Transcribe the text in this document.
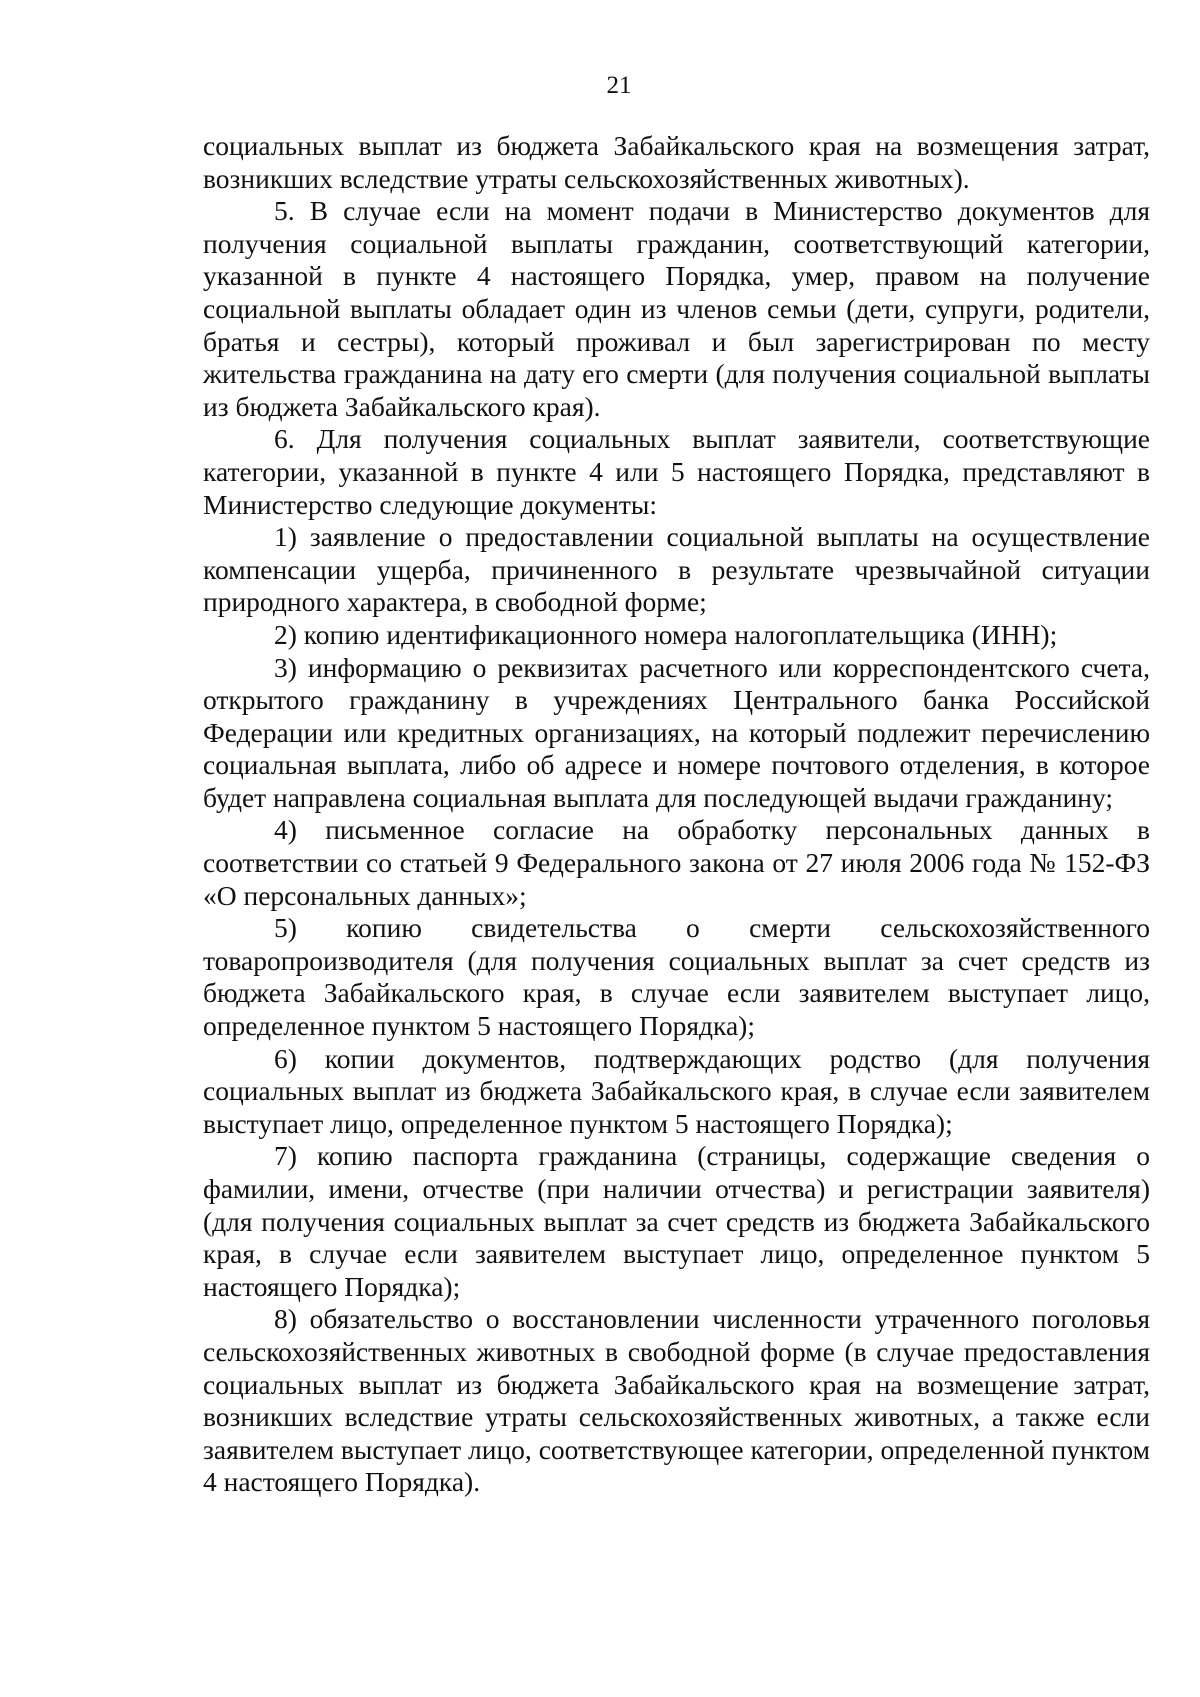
21

социальных выплат из бюджета Забайкальского края на возмещения затрат, возникших вследствие утраты сельскохозяйственных животных).

5. В случае если на момент подачи в Министерство документов для получения социальной выплаты гражданин, соответствующий категории, указанной в пункте 4 настоящего Порядка, умер, правом на получение социальной выплаты обладает один из членов семьи (дети, супруги, родители, братья и сестры), который проживал и был зарегистрирован по месту жительства гражданина на дату его смерти (для получения социальной выплаты из бюджета Забайкальского края).

6. Для получения социальных выплат заявители, соответствующие категории, указанной в пункте 4 или 5 настоящего Порядка, представляют в Министерство следующие документы:

1) заявление о предоставлении социальной выплаты на осуществление компенсации ущерба, причиненного в результате чрезвычайной ситуации природного характера, в свободной форме;

2) копию идентификационного номера налогоплательщика (ИНН);

3) информацию о реквизитах расчетного или корреспондентского счета, открытого гражданину в учреждениях Центрального банка Российской Федерации или кредитных организациях, на который подлежит перечислению социальная выплата, либо об адресе и номере почтового отделения, в которое будет направлена социальная выплата для последующей выдачи гражданину;

4) письменное согласие на обработку персональных данных в соответствии со статьей 9 Федерального закона от 27 июля 2006 года № 152-ФЗ «О персональных данных»;

5) копию свидетельства о смерти сельскохозяйственного товаропроизводителя (для получения социальных выплат за счет средств из бюджета Забайкальского края, в случае если заявителем выступает лицо, определенное пунктом 5 настоящего Порядка);

6) копии документов, подтверждающих родство (для получения социальных выплат из бюджета Забайкальского края, в случае если заявителем выступает лицо, определенное пунктом 5 настоящего Порядка);

7) копию паспорта гражданина (страницы, содержащие сведения о фамилии, имени, отчестве (при наличии отчества) и регистрации заявителя) (для получения социальных выплат за счет средств из бюджета Забайкальского края, в случае если заявителем выступает лицо, определенное пунктом 5 настоящего Порядка);

8) обязательство о восстановлении численности утраченного поголовья сельскохозяйственных животных в свободной форме (в случае предоставления социальных выплат из бюджета Забайкальского края на возмещение затрат, возникших вследствие утраты сельскохозяйственных животных, а также если заявителем выступает лицо, соответствующее категории, определенной пунктом 4 настоящего Порядка).
